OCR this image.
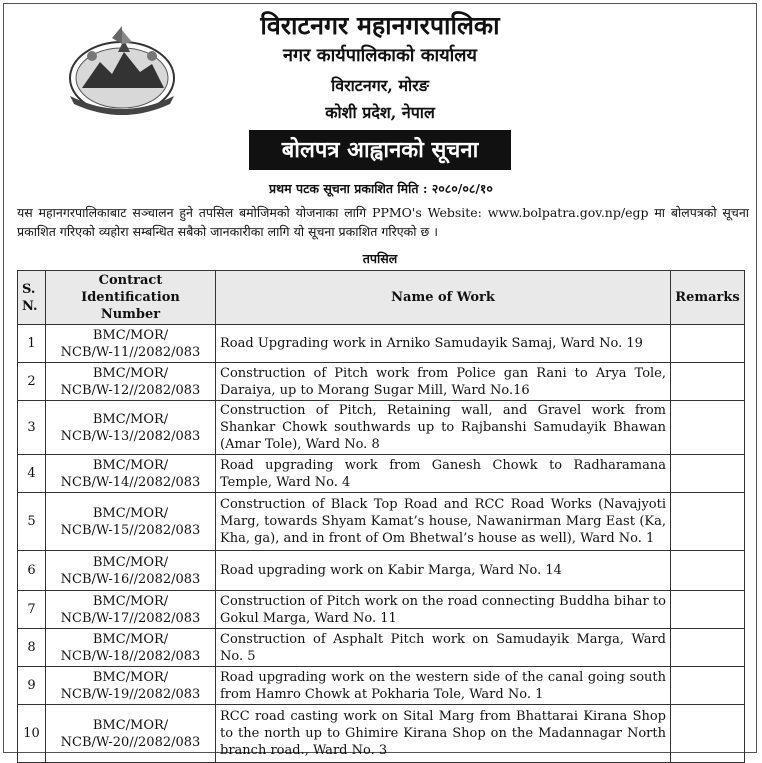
विराटनगर महानगरपालिका
नगर कार्यपालिकाको कार्यालय
विराटनगर, मोरङ
कोशी प्रदेश, नेपाल
बोलपत्र आह्वानको सूचना
प्रथम पटक सूचना प्रकाशित मिति : २०८०/०८/१०
यस महानगरपालिकाबाट सञ्चालन हुने तपसिल बमोजिमको योजनाका लागि PPMO's Website: www.bolpatra.gov.np/egp मा बोलपत्रको सूचना प्रकाशित गरिएको व्यहोरा सम्बन्धित सबैको जानकारीका लागि यो सूचना प्रकाशित गरिएको छ ।
तपसिल
S. N.	Contract Identification Number	Name of Work	Remarks
1	BMC/MOR/
NCB/W-11//2082/083	Road Upgrading work in Arniko Samudayik Samaj, Ward No. 19	
2	BMC/MOR/
NCB/W-12//2082/083	Construction of Pitch work from Police gan Rani to Arya Tole, Daraiya, up to Morang Sugar Mill, Ward No.16	
3	BMC/MOR/
NCB/W-13//2082/083	Construction of Pitch, Retaining wall, and Gravel work from Shankar Chowk southwards up to Rajbanshi Samudayik Bhawan (Amar Tole), Ward No. 8	
4	BMC/MOR/
NCB/W-14//2082/083	Road upgrading work from Ganesh Chowk to Radharamana Temple, Ward No. 4	
5	BMC/MOR/
NCB/W-15//2082/083	Construction of Black Top Road and RCC Road Works (Navajyoti Marg, towards Shyam Kamat’s house, Nawanirman Marg East (Ka, Kha, ga), and in front of Om Bhetwal’s house as well), Ward No. 1	
6	BMC/MOR/
NCB/W-16//2082/083	Road upgrading work on Kabir Marga, Ward No. 14	
7	BMC/MOR/
NCB/W-17//2082/083	Construction of Pitch work on the road connecting Buddha bihar to Gokul Marga, Ward No. 11	
8	BMC/MOR/
NCB/W-18//2082/083	Construction of Asphalt Pitch work on Samudayik Marga, Ward No. 5	
9	BMC/MOR/
NCB/W-19//2082/083	Road upgrading work on the western side of the canal going south from Hamro Chowk at Pokharia Tole, Ward No. 1	
10	BMC/MOR/
NCB/W-20//2082/083	RCC road casting work on Sital Marg from Bhattarai Kirana Shop to the north up to Ghimire Kirana Shop on the Madannagar North branch road., Ward No. 3	
